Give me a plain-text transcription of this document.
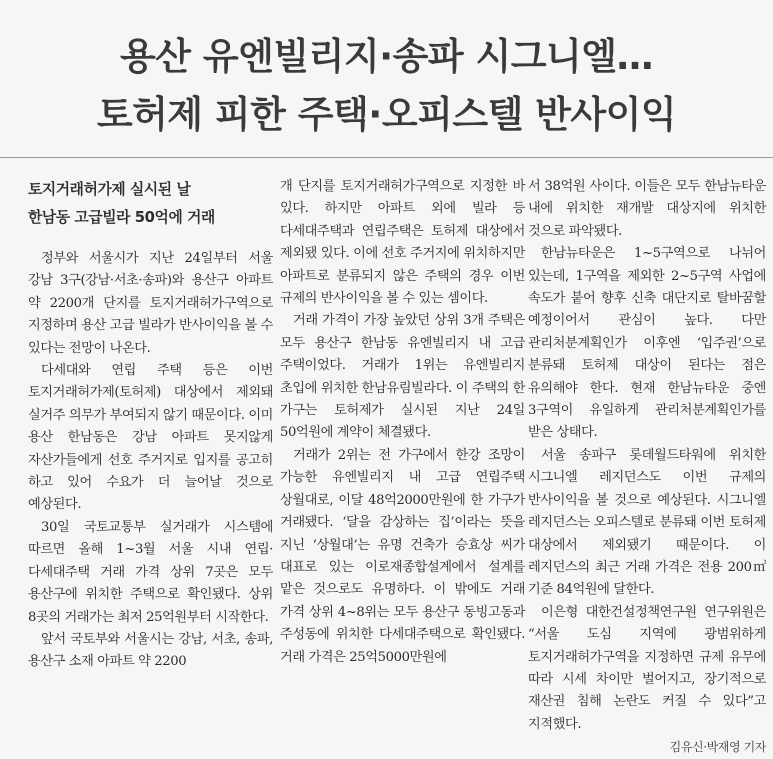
용산 유엔빌리지·송파 시그니엘…
토허제 피한 주택·오피스텔 반사이익
토지거래허가제 실시된 날
한남동 고급빌라 50억에 거래

정부와 서울시가 지난 24일부터 서울 강남 3구(강남·서초·송파)와 용산구 아파트 약 2200개 단지를 토지거래허가구역으로 지정하며 용산 고급 빌라가 반사이익을 볼 수 있다는 전망이 나온다.

다세대와 연립 주택 등은 이번 토지거래허가제(토허제) 대상에서 제외돼 실거주 의무가 부여되지 않기 때문이다. 이미 용산 한남동은 강남 아파트 못지않게 자산가들에게 선호 주거지로 입지를 공고히 하고 있어 수요가 더 늘어날 것으로 예상된다.

30일 국토교통부 실거래가 시스템에 따르면 올해 1~3월 서울 시내 연립·다세대주택 거래 가격 상위 7곳은 모두 용산구에 위치한 주택으로 확인됐다. 상위 8곳의 거래가는 최저 25억원부터 시작한다.

앞서 국토부와 서울시는 강남, 서초, 송파, 용산구 소재 아파트 약 2200

개 단지를 토지거래허가구역으로 지정한 바 있다. 하지만 아파트 외에 빌라 등 다세대주택과 연립주택은 토허제 대상에서 제외됐 있다. 이에 선호 주거지에 위치하지만 아파트로 분류되지 않은 주택의 경우 이번 규제의 반사이익을 볼 수 있는 셈이다.

거래 가격이 가장 높았던 상위 3개 주택은 모두 용산구 한남동 유엔빌리지 내 고급 주택이었다. 거래가 1위는 유엔빌리지 초입에 위치한 한남유림빌라다. 이 주택의 한 가구는 토허제가 실시된 지난 24일 50억원에 계약이 체결됐다.

거래가 2위는 전 가구에서 한강 조망이 가능한 유엔빌리지 내 고급 연립주택 상월대로, 이달 48억2000만원에 한 가구가 거래됐다. ‘달을 감상하는 집’이라는 뜻을 지닌 ‘상월대’는 유명 건축가 승효상 씨가 대표로 있는 이로재종합설계에서 설계를 맡은 것으로도 유명하다. 이 밖에도 거래 가격 상위 4~8위는 모두 용산구 동빙고동과 주성동에 위치한 다세대주택으로 확인됐다. 거래 가격은 25억5000만원에

서 38억원 사이다. 이들은 모두 한남뉴타운 내에 위치한 재개발 대상지에 위치한 것으로 파악됐다.

한남뉴타운은 1~5구역으로 나뉘어 있는데, 1구역을 제외한 2~5구역 사업에 속도가 붙어 향후 신축 대단지로 탈바꿈할 예정이어서 관심이 높다. 다만 관리처분계획인가 이후엔 ‘입주권’으로 분류돼 토허제 대상이 된다는 점은 유의해야 한다. 현재 한남뉴타운 중엔 3구역이 유일하게 관리처분계획인가를 받은 상태다.

서울 송파구 롯데월드타워에 위치한 시그니엘 레지던스도 이번 규제의 반사이익을 볼 것으로 예상된다. 시그니엘 레지던스는 오피스텔로 분류돼 이번 토허제 대상에서 제외됐기 때문이다. 이 레지던스의 최근 거래 가격은 전용 200㎡ 기준 84억원에 달한다.

이은형 대한건설정책연구원 연구위원은 “서울 도심 지역에 광범위하게 토지거래허가구역을 지정하면 규제 유무에 따라 시세 차이만 벌어지고, 장기적으로 재산권 침해 논란도 커질 수 있다”고 지적했다.

김유신·박재영 기자
